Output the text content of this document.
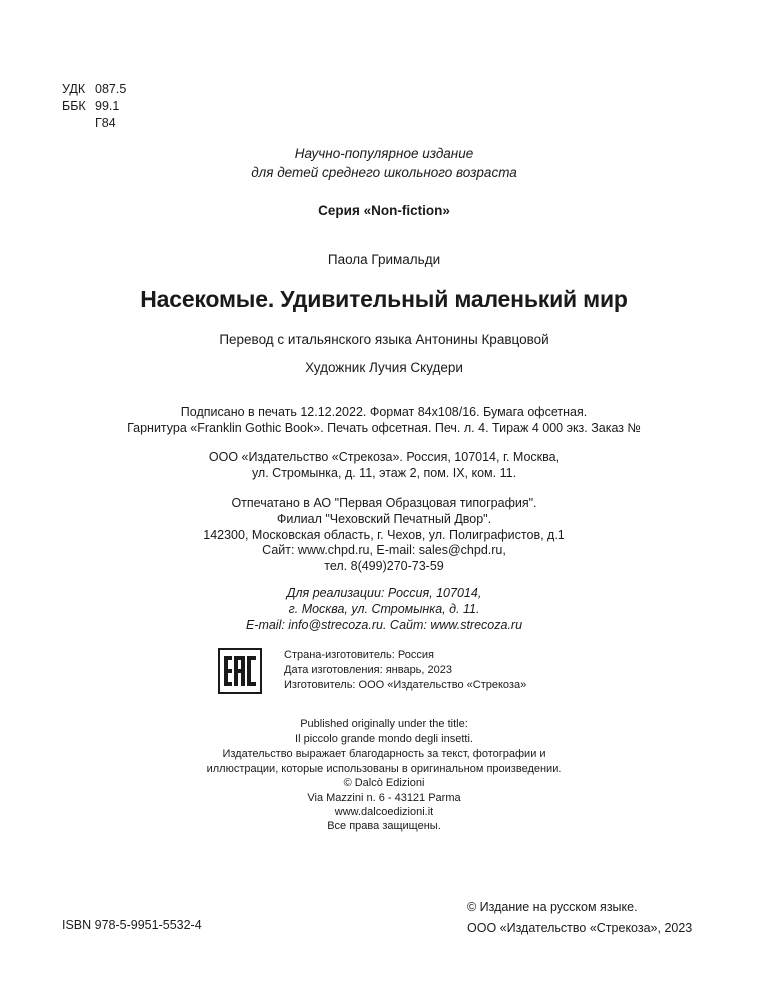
УДК 087.5
ББК 99.1
Г84
Научно-популярное издание
для детей среднего школьного возраста
Серия «Non-fiction»
Паола Гримальди
Насекомые. Удивительный маленький мир
Перевод с итальянского языка Антонины Кравцовой
Художник Лучия Скудери
Подписано в печать 12.12.2022. Формат 84х108/16. Бумага офсетная.
Гарнитура «Franklin Gothic Book». Печать офсетная. Печ. л. 4. Тираж 4 000 экз. Заказ №
ООО «Издательство «Стрекоза». Россия, 107014, г. Москва,
ул. Стромынка, д. 11, этаж 2, пом. IX, ком. 11.
Отпечатано в АО "Первая Образцовая типография".
Филиал "Чеховский Печатный Двор".
142300, Московская область, г. Чехов, ул. Полиграфистов, д.1
Сайт: www.chpd.ru, E-mail: sales@chpd.ru,
тел. 8(499)270-73-59
Для реализации: Россия, 107014,
г. Москва, ул. Стромынка, д. 11.
E-mail: info@strecoza.ru. Сайт: www.strecoza.ru
Страна-изготовитель: Россия
Дата изготовления: январь, 2023
Изготовитель: ООО «Издательство «Стрекоза»
Published originally under the title:
Il piccolo grande mondo degli insetti.
Издательство выражает благодарность за текст, фотографии и
иллюстрации, которые использованы в оригинальном произведении.
© Dalcò Edizioni
Via Mazzini n. 6 - 43121 Parma
www.dalcoedizioni.it
Все права защищены.
ISBN 978-5-9951-5532-4
© Издание на русском языке.
ООО «Издательство «Стрекоза», 2023
